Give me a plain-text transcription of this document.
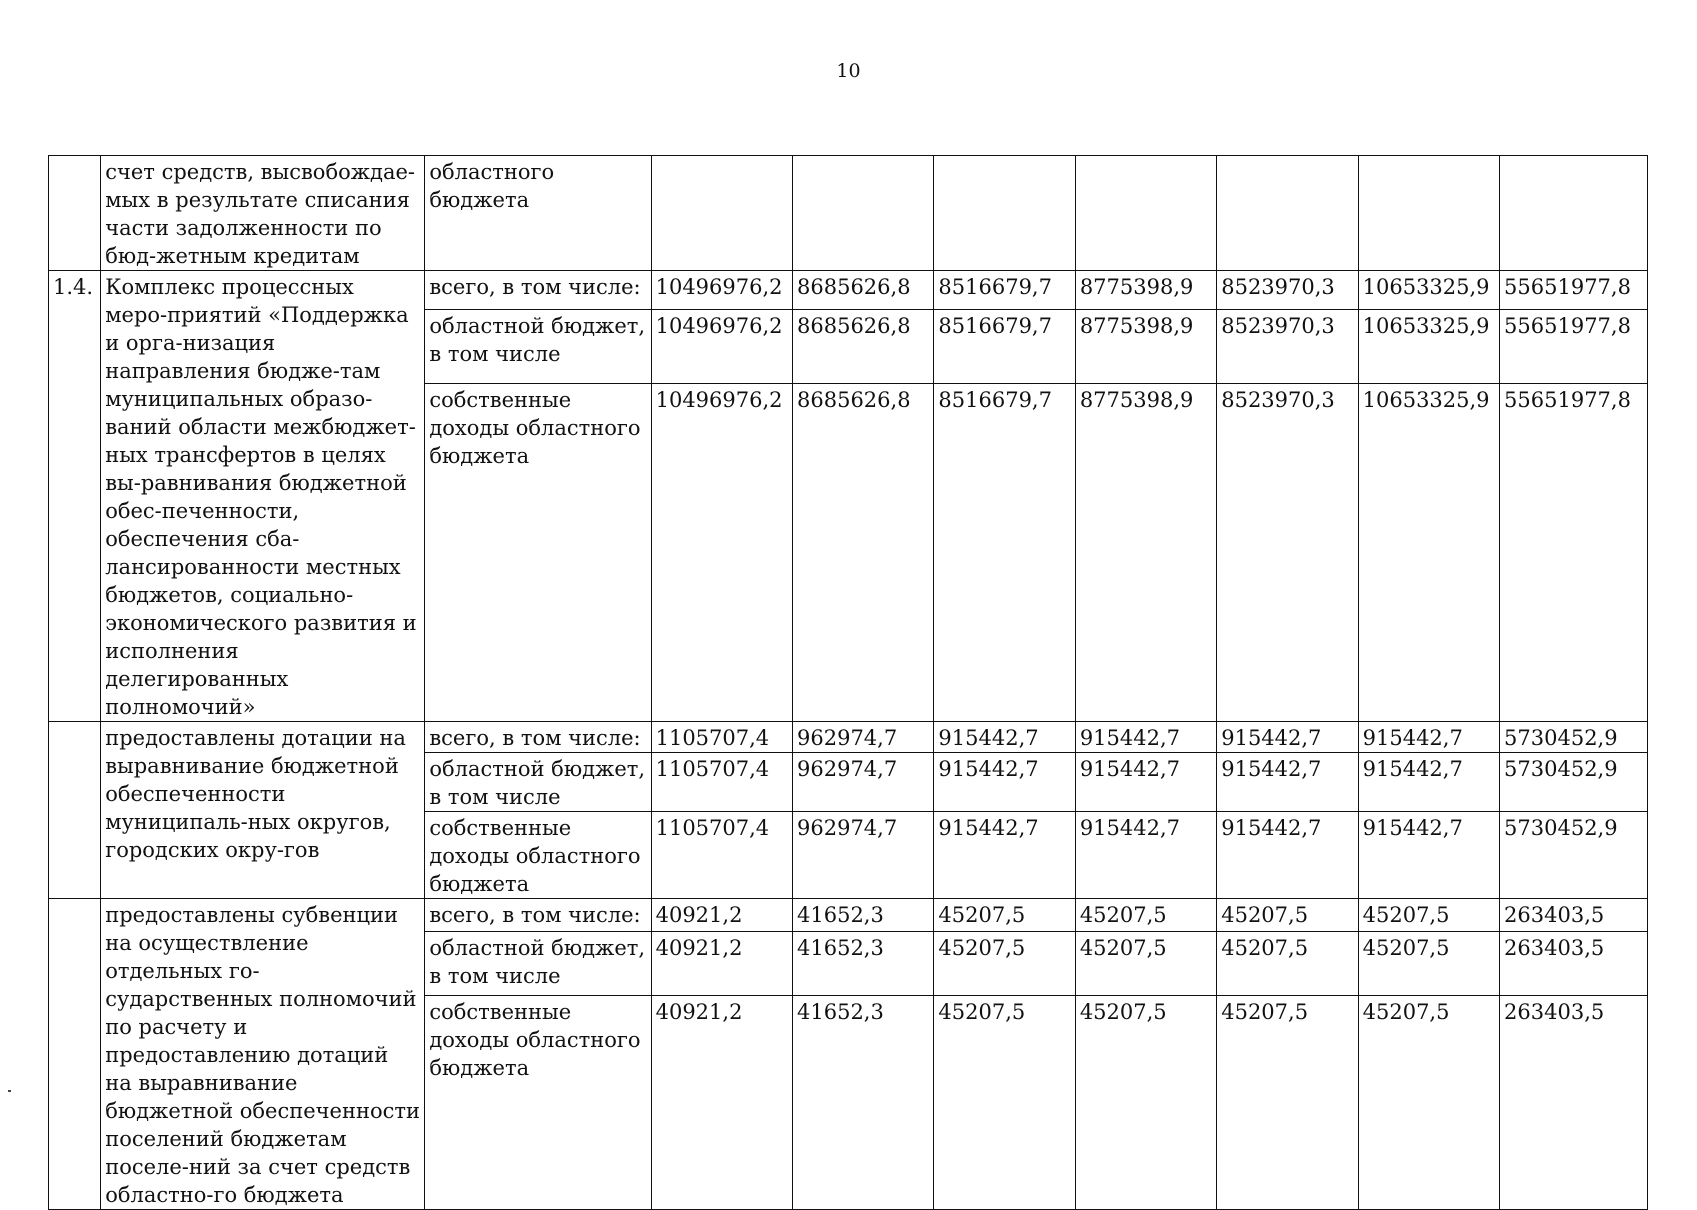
10
	счет средств, высвобождае-мых в результате списания части задолженности по бюд-жетным кредитам	областного бюджета							
1.4.	Комплекс процессных меро-приятий «Поддержка и орга-низация направления бюдже-там муниципальных образо-ваний области межбюджет-ных трансфертов в целях вы-равнивания бюджетной обес-печенности, обеспечения сба-лансированности местных бюджетов, социально-экономического развития и исполнения делегированных полномочий»	всего, в том числе:	10496976,2	8685626,8	8516679,7	8775398,9	8523970,3	10653325,9	55651977,8
		областной бюджет, в том числе	10496976,2	8685626,8	8516679,7	8775398,9	8523970,3	10653325,9	55651977,8
		собственные доходы областного бюджета	10496976,2	8685626,8	8516679,7	8775398,9	8523970,3	10653325,9	55651977,8
	предоставлены дотации на выравнивание бюджетной обеспеченности муниципаль-ных округов, городских окру-гов	всего, в том числе:	1105707,4	962974,7	915442,7	915442,7	915442,7	915442,7	5730452,9
		областной бюджет, в том числе	1105707,4	962974,7	915442,7	915442,7	915442,7	915442,7	5730452,9
		собственные доходы областного бюджета	1105707,4	962974,7	915442,7	915442,7	915442,7	915442,7	5730452,9
	предоставлены субвенции на осуществление отдельных го-сударственных полномочий по расчету и предоставлению дотаций на выравнивание бюджетной обеспеченности поселений бюджетам поселе-ний за счет средств областно-го бюджета	всего, в том числе:	40921,2	41652,3	45207,5	45207,5	45207,5	45207,5	263403,5
		областной бюджет, в том числе	40921,2	41652,3	45207,5	45207,5	45207,5	45207,5	263403,5
		собственные доходы областного бюджета	40921,2	41652,3	45207,5	45207,5	45207,5	45207,5	263403,5
